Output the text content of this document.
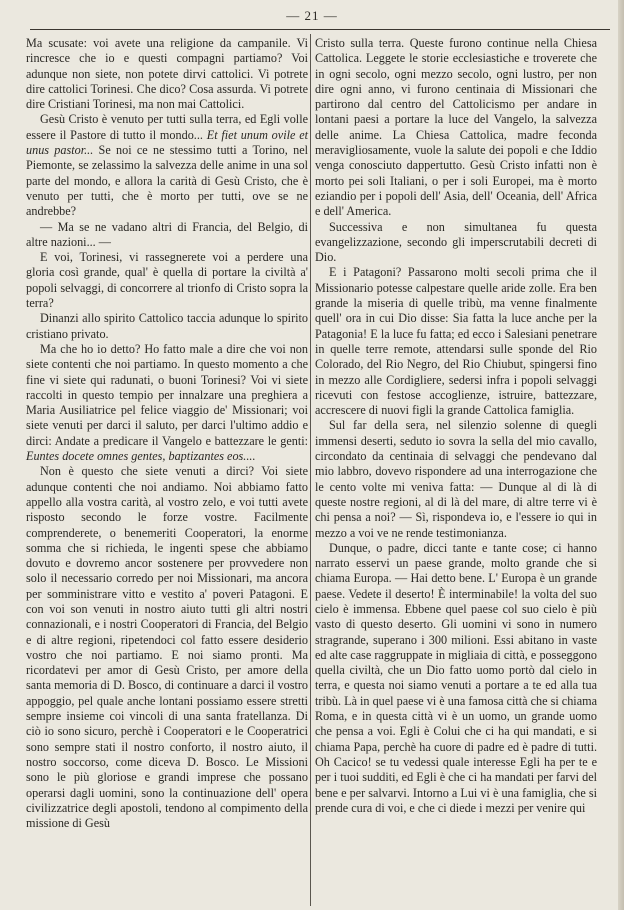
— 21 —

Ma scusate: voi avete una religione da campanile. Vi rincresce che io e questi compagni partiamo? Voi adunque non siete, non potete dirvi cattolici. Vi potrete dire cattolici Torinesi. Che dico? Cosa assurda. Vi potrete dire Cristiani Torinesi, ma non mai Cattolici.

Gesù Cristo è venuto per tutti sulla terra, ed Egli volle essere il Pastore di tutto il mondo... Et fiet unum ovile et unus pastor... Se noi ce ne stessimo tutti a Torino, nel Piemonte, se zelassimo la salvezza delle anime in una sol parte del mondo, e allora la carità di Gesù Cristo, che è venuto per tutti, che è morto per tutti, ove se ne andrebbe?

— Ma se ne vadano altri di Francia, del Belgio, di altre nazioni... —

E voi, Torinesi, vi rassegnerete voi a perdere una gloria così grande, qual' è quella di portare la civiltà a' popoli selvaggi, di concorrere al trionfo di Cristo sopra la terra?

Dinanzi allo spirito Cattolico taccia adunque lo spirito cristiano privato.

Ma che ho io detto? Ho fatto male a dire che voi non siete contenti che noi partiamo. In questo momento a che fine vi siete qui radunati, o buoni Torinesi? Voi vi siete raccolti in questo tempio per innalzare una preghiera a Maria Ausiliatrice pel felice viaggio de' Missionari; voi siete venuti per darci il saluto, per darci l'ultimo addio e dirci: Andate a predicare il Vangelo e battezzare le genti: Euntes docete omnes gentes, baptizantes eos....

Non è questo che siete venuti a dirci? Voi siete adunque contenti che noi andiamo. Noi abbiamo fatto appello alla vostra carità, al vostro zelo, e voi tutti avete risposto secondo le forze vostre. Facilmente comprenderete, o benemeriti Cooperatori, la enorme somma che si richieda, le ingenti spese che abbiamo dovuto e dovremo ancor sostenere per provvedere non solo il necessario corredo per noi Missionari, ma ancora per somministrare vitto e vestito a' poveri Patagoni. E con voi son venuti in nostro aiuto tutti gli altri nostri connazionali, e i nostri Cooperatori di Francia, del Belgio e di altre regioni, ripetendoci col fatto essere desiderio vostro che noi partiamo. E noi siamo pronti. Ma ricordatevi per amor di Gesù Cristo, per amore della santa memoria di D. Bosco, di continuare a darci il vostro appoggio, pel quale anche lontani possiamo essere stretti sempre insieme coi vincoli di una santa fratellanza. Di ciò io sono sicuro, perchè i Cooperatori e le Cooperatrici sono sempre stati il nostro conforto, il nostro aiuto, il nostro soccorso, come diceva D. Bosco. Le Missioni sono le più gloriose e grandi imprese che possano operarsi dagli uomini, sono la continuazione dell' opera civilizzatrice degli apostoli, tendono al compimento della missione di Gesù

Cristo sulla terra. Queste furono continue nella Chiesa Cattolica. Leggete le storie ecclesiastiche e troverete che in ogni secolo, ogni mezzo secolo, ogni lustro, per non dire ogni anno, vi furono centinaia di Missionari che partirono dal centro del Cattolicismo per andare in lontani paesi a portare la luce del Vangelo, la salvezza delle anime. La Chiesa Cattolica, madre feconda meravigliosamente, vuole la salute dei popoli e che Iddio venga conosciuto dappertutto. Gesù Cristo infatti non è morto pei soli Italiani, o per i soli Europei, ma è morto eziandio per i popoli dell' Asia, dell' Oceania, dell' Africa e dell' America.

Successiva e non simultanea fu questa evangelizzazione, secondo gli imperscrutabili decreti di Dio.

E i Patagoni? Passarono molti secoli prima che il Missionario potesse calpestare quelle aride zolle. Era ben grande la miseria di quelle tribù, ma venne finalmente quell' ora in cui Dio disse: Sia fatta la luce anche per la Patagonia! E la luce fu fatta; ed ecco i Salesiani penetrare in quelle terre remote, attendarsi sulle sponde del Rio Colorado, del Rio Negro, del Rio Chiubut, spingersi fino in mezzo alle Cordigliere, sedersi infra i popoli selvaggi ricevuti con festose accoglienze, istruire, battezzare, accrescere di nuovi figli la grande Cattolica famiglia.

Sul far della sera, nel silenzio solenne di quegli immensi deserti, seduto io sovra la sella del mio cavallo, circondato da centinaia di selvaggi che pendevano dal mio labbro, dovevo rispondere ad una interrogazione che le cento volte mi veniva fatta: — Dunque al di là di queste nostre regioni, al di là del mare, di altre terre vi è chi pensa a noi? — Sì, rispondeva io, e l'essere io qui in mezzo a voi ve ne rende testimonianza.

Dunque, o padre, dicci tante e tante cose; ci hanno narrato esservi un paese grande, molto grande che si chiama Europa. — Hai detto bene. L' Europa è un grande paese. Vedete il deserto! È interminabile! la volta del suo cielo è immensa. Ebbene quel paese col suo cielo è più vasto di questo deserto. Gli uomini vi sono in numero stragrande, superano i 300 milioni. Essi abitano in vaste ed alte case raggruppate in migliaia di città, e posseggono quella civiltà, che un Dio fatto uomo portò dal cielo in terra, e questa noi siamo venuti a portare a te ed alla tua tribù. Là in quel paese vi è una famosa città che si chiama Roma, e in questa città vi è un uomo, un grande uomo che pensa a voi. Egli è Colui che ci ha qui mandati, e si chiama Papa, perchè ha cuore di padre ed è padre di tutti. Oh Cacico! se tu vedessi quale interesse Egli ha per te e per i tuoi sudditi, ed Egli è che ci ha mandati per farvi del bene e per salvarvi. Intorno a Lui vi è una famiglia, che si prende cura di voi, e che ci diede i mezzi per venire qui
